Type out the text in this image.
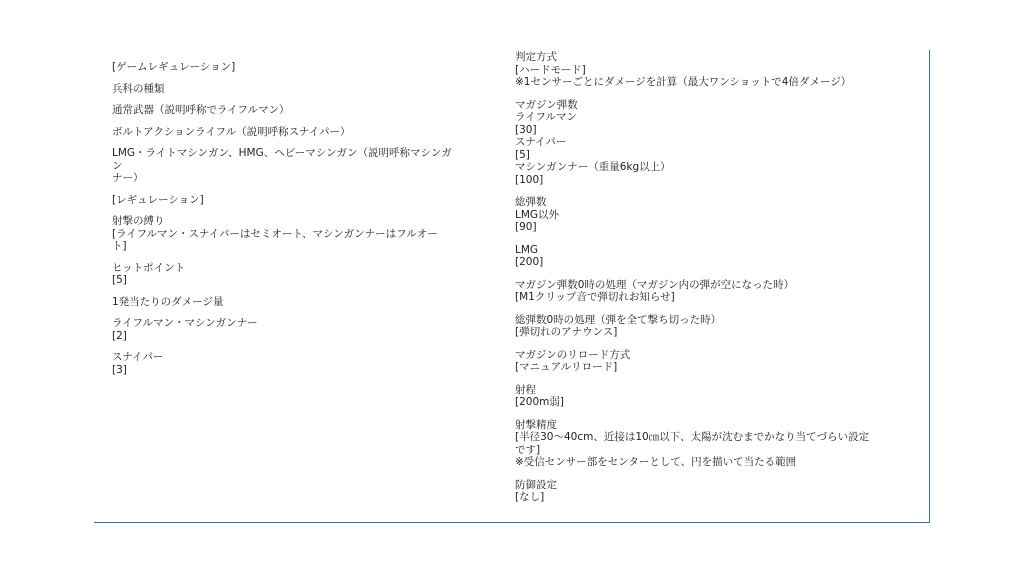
[ゲームレギュレーション]
兵科の種類
通常武器（説明呼称でライフルマン）
ボルトアクションライフル（説明呼称スナイパー）
LMG・ライトマシンガン、HMG、ヘビーマシンガン（説明呼称マシンガン
ナー）
[レギュレーション]
射撃の縛り
[ライフルマン・スナイパーはセミオート、マシンガンナーはフルオート]
ヒットポイント
[5]
1発当たりのダメージ量
ライフルマン・マシンガンナー
[2]
スナイパー
[3]
判定方式
[ハードモード]
※1センサーごとにダメージを計算（最大ワンショットで4倍ダメージ）
マガジン弾数
ライフルマン
[30]
スナイパー
[5]
マシンガンナー（重量6kg以上）
[100]
総弾数
LMG以外
[90]
LMG
[200]
マガジン弾数0時の処理（マガジン内の弾が空になった時）
[M1クリップ音で弾切れお知らせ]
総弾数0時の処理（弾を全て撃ち切った時）
[弾切れのアナウンス]
マガジンのリロード方式
[マニュアルリロード]
射程
[200m弱]
射撃精度
[半径30～40cm、近接は10㎝以下、太陽が沈むまでかなり当てづらい設定
です]
※受信センサー部をセンターとして、円を描いて当たる範囲
防御設定
[なし]
